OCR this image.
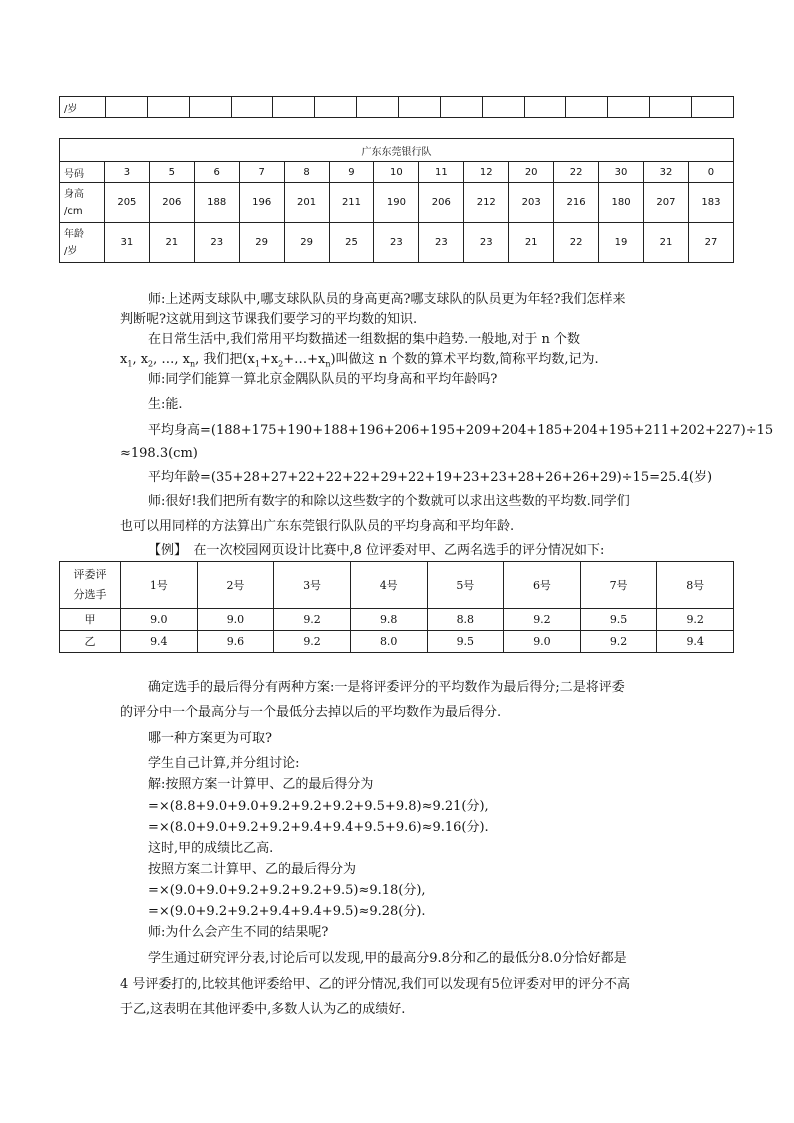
/岁															
广东东莞银行队														
号码	3	5	6	7	8	9	10	11	12	20	22	30	32	0
身高
/cm	205	206	188	196	201	211	190	206	212	203	216	180	207	183
年龄
/岁	31	21	23	29	29	25	23	23	23	21	22	19	21	27
师:上述两支球队中,哪支球队队员的身高更高?哪支球队的队员更为年轻?我们怎样来
判断呢?这就用到这节课我们要学习的平均数的知识.
在日常生活中,我们常用平均数描述一组数据的集中趋势.一般地,对于 n 个数
$x_1$, $x_2$, …, $x_n$, 我们把$(x_1+x_2+\dots+x_n)$叫做这 n 个数的算术平均数,简称平均数,记为.
师:同学们能算一算北京金隅队队员的平均身高和平均年龄吗?
生:能.
平均身高=(188+175+190+188+196+206+195+209+204+185+204+195+211+202+227)÷15
≈198.3(cm)
平均年龄=(35+28+27+22+22+22+29+22+19+23+23+28+26+26+29)÷15=25.4(岁)
师:很好!我们把所有数字的和除以这些数字的个数就可以求出这些数的平均数.同学们
也可以用同样的方法算出广东东莞银行队队员的平均身高和平均年龄.
【例】　在一次校园网页设计比赛中,8 位评委对甲、乙两名选手的评分情况如下:
评委评
分选手	1号	2号	3号	4号	5号	6号	7号	8号
甲	9.0	9.0	9.2	9.8	8.8	9.2	9.5	9.2
乙	9.4	9.6	9.2	8.0	9.5	9.0	9.2	9.4
确定选手的最后得分有两种方案:一是将评委评分的平均数作为最后得分;二是将评委
的评分中一个最高分与一个最低分去掉以后的平均数作为最后得分.
哪一种方案更为可取?
学生自己计算,并分组讨论:
解:按照方案一计算甲、乙的最后得分为
=×(8.8+9.0+9.0+9.2+9.2+9.2+9.5+9.8)≈9.21(分),
=×(8.0+9.0+9.2+9.2+9.4+9.4+9.5+9.6)≈9.16(分).
这时,甲的成绩比乙高.
按照方案二计算甲、乙的最后得分为
=×(9.0+9.0+9.2+9.2+9.2+9.5)≈9.18(分),
=×(9.0+9.2+9.2+9.4+9.4+9.5)≈9.28(分).
师:为什么会产生不同的结果呢?
学生通过研究评分表,讨论后可以发现,甲的最高分9.8分和乙的最低分8.0分恰好都是
4 号评委打的,比较其他评委给甲、乙的评分情况,我们可以发现有5位评委对甲的评分不高
于乙,这表明在其他评委中,多数人认为乙的成绩好.
